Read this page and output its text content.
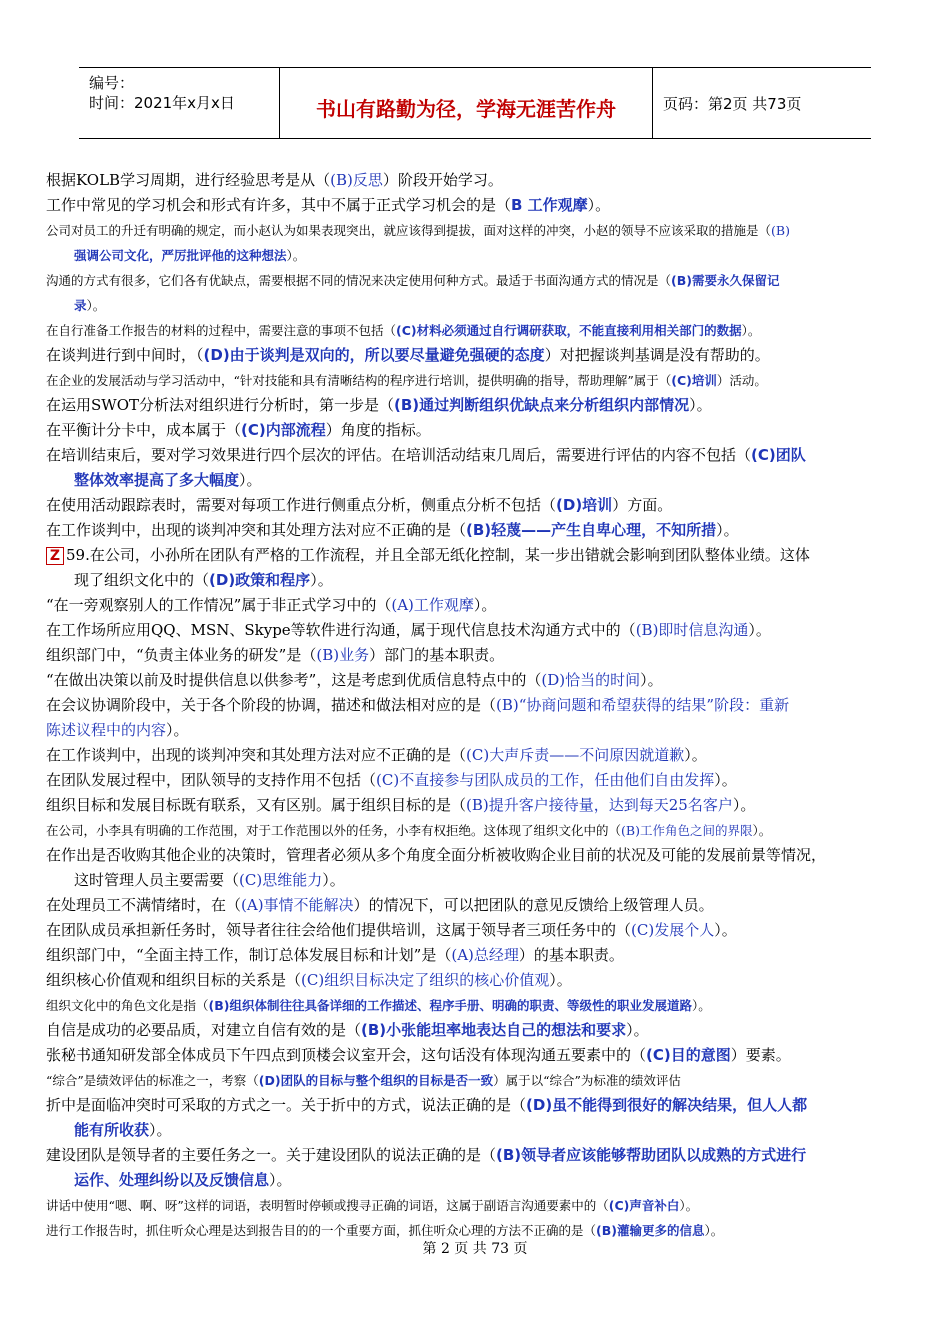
编号：
时间：2021年x月x日	书山有路勤为径，学海无涯苦作舟	页码：第2页 共73页
根据KOLB学习周期，进行经验思考是从（(B)反思）阶段开始学习。
工作中常见的学习机会和形式有许多，其中不属于正式学习机会的是（B 工作观摩）。
公司对员工的升迁有明确的规定，而小赵认为如果表现突出，就应该得到提拔，面对这样的冲突，小赵的领导不应该采取的措施是（(B)
强调公司文化，严厉批评他的这种想法）。
沟通的方式有很多，它们各有优缺点，需要根据不同的情况来决定使用何种方式。最适于书面沟通方式的情况是（(B)需要永久保留记
录）。
在自行准备工作报告的材料的过程中，需要注意的事项不包括（(C)材料必须通过自行调研获取，不能直接利用相关部门的数据）。
在谈判进行到中间时，（(D)由于谈判是双向的，所以要尽量避免强硬的态度）对把握谈判基调是没有帮助的。
在企业的发展活动与学习活动中，“针对技能和具有清晰结构的程序进行培训，提供明确的指导，帮助理解”属于（(C)培训）活动。
在运用SWOT分析法对组织进行分析时，第一步是（(B)通过判断组织优缺点来分析组织内部情况）。
在平衡计分卡中，成本属于（(C)内部流程）角度的指标。
在培训结束后，要对学习效果进行四个层次的评估。在培训活动结束几周后，需要进行评估的内容不包括（(C)团队
整体效率提高了多大幅度）。
在使用活动跟踪表时，需要对每项工作进行侧重点分析，侧重点分析不包括（(D)培训）方面。
在工作谈判中，出现的谈判冲突和其处理方法对应不正确的是（(B)轻蔑——产生自卑心理，不知所措）。
Z 59.在公司，小孙所在团队有严格的工作流程，并且全部无纸化控制，某一步出错就会影响到团队整体业绩。这体
现了组织文化中的（(D)政策和程序）。
“在一旁观察别人的工作情况”属于非正式学习中的（(A)工作观摩）。
在工作场所应用QQ、MSN、Skype等软件进行沟通，属于现代信息技术沟通方式中的（(B)即时信息沟通）。
组织部门中，“负责主体业务的研发”是（(B)业务）部门的基本职责。
“在做出决策以前及时提供信息以供参考”，这是考虑到优质信息特点中的（(D)恰当的时间）。
在会议协调阶段中，关于各个阶段的协调，描述和做法相对应的是（(B)“协商问题和希望获得的结果”阶段：重新
陈述议程中的内容）。
在工作谈判中，出现的谈判冲突和其处理方法对应不正确的是（(C)大声斥责——不问原因就道歉）。
在团队发展过程中，团队领导的支持作用不包括（(C)不直接参与团队成员的工作，任由他们自由发挥）。
组织目标和发展目标既有联系，又有区别。属于组织目标的是（(B)提升客户接待量，达到每天25名客户）。
在公司，小李具有明确的工作范围，对于工作范围以外的任务，小李有权拒绝。这体现了组织文化中的（(B)工作角色之间的界限）。
在作出是否收购其他企业的决策时，管理者必须从多个角度全面分析被收购企业目前的状况及可能的发展前景等情况，
这时管理人员主要需要（(C)思维能力）。
在处理员工不满情绪时，在（(A)事情不能解决）的情况下，可以把团队的意见反馈给上级管理人员。
在团队成员承担新任务时，领导者往往会给他们提供培训，这属于领导者三项任务中的（(C)发展个人）。
组织部门中，“全面主持工作，制订总体发展目标和计划”是（(A)总经理）的基本职责。
组织核心价值观和组织目标的关系是（(C)组织目标决定了组织的核心价值观）。
组织文化中的角色文化是指（(B)组织体制往往具备详细的工作描述、程序手册、明确的职责、等级性的职业发展道路）。
自信是成功的必要品质，对建立自信有效的是（(B)小张能坦率地表达自己的想法和要求）。
张秘书通知研发部全体成员下午四点到顶楼会议室开会，这句话没有体现沟通五要素中的（(C)目的意图）要素。
“综合”是绩效评估的标准之一，考察（(D)团队的目标与整个组织的目标是否一致）属于以“综合”为标准的绩效评估
折中是面临冲突时可采取的方式之一。关于折中的方式，说法正确的是（(D)虽不能得到很好的解决结果，但人人都
能有所收获）。
建设团队是领导者的主要任务之一。关于建设团队的说法正确的是（(B)领导者应该能够帮助团队以成熟的方式进行
运作、处理纠纷以及反馈信息）。
讲话中使用“嗯、啊、呀”这样的词语，表明暂时停顿或搜寻正确的词语，这属于副语言沟通要素中的（(C)声音补白）。
进行工作报告时，抓住听众心理是达到报告目的的一个重要方面，抓住听众心理的方法不正确的是（(B)灌输更多的信息）。
第 2 页 共 73 页
